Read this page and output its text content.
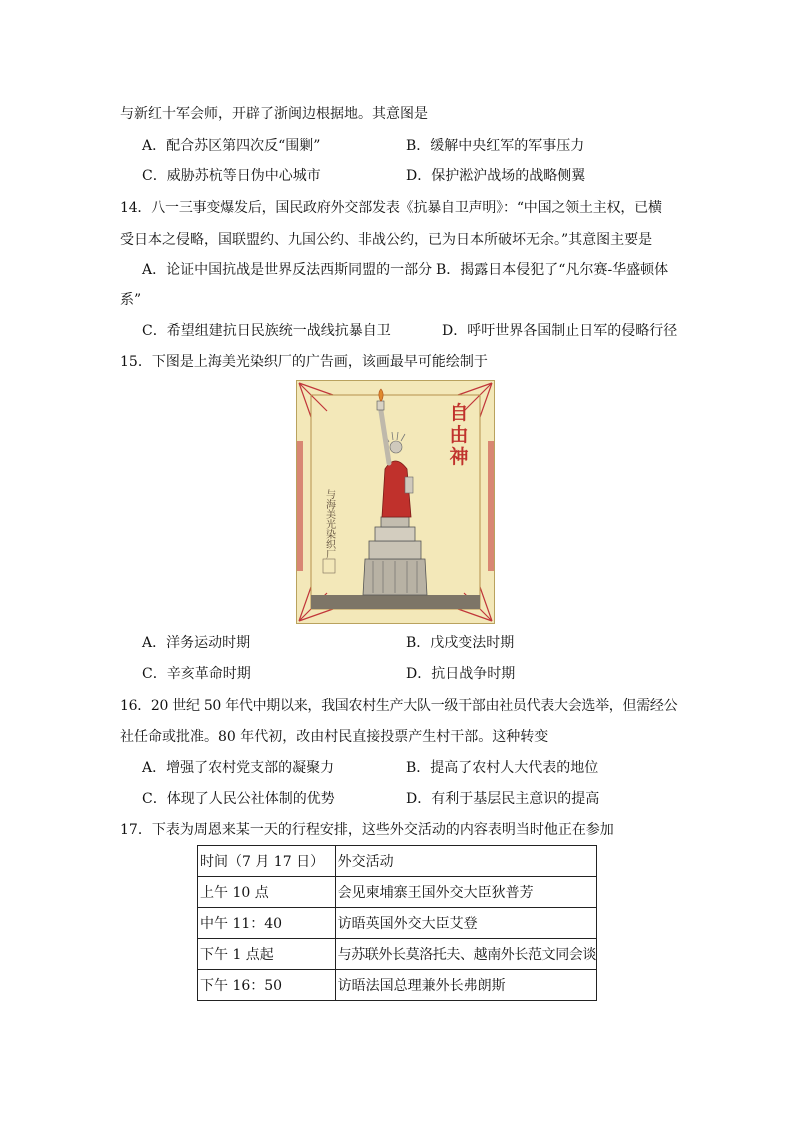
与新红十军会师，开辟了浙闽边根据地。其意图是
A．配合苏区第四次反“围剿”	B．缓解中央红军的军事压力
C．威胁苏杭等日伪中心城市	D．保护淞沪战场的战略侧翼
14．八一三事变爆发后，国民政府外交部发表《抗暴自卫声明》：“中国之领土主权，已横
受日本之侵略，国联盟约、九国公约、非战公约，已为日本所破坏无余。”其意图主要是
A．论证中国抗战是世界反法西斯同盟的一部分 B．揭露日本侵犯了“凡尔赛-华盛顿体
系”
C．希望组建抗日民族统一战线抗暴自卫	D．呼吁世界各国制止日军的侵略行径
15．下图是上海美光染织厂的广告画，该画最早可能绘制于
自
由
神
与海美光染织厂
A．洋务运动时期	B．戊戌变法时期
C．辛亥革命时期	D．抗日战争时期
16．20 世纪 50 年代中期以来，我国农村生产大队一级干部由社员代表大会选举，但需经公
社任命或批准。80 年代初，改由村民直接投票产生村干部。这种转变
A．增强了农村党支部的凝聚力	B．提高了农村人大代表的地位
C．体现了人民公社体制的优势	D．有利于基层民主意识的提高
17．下表为周恩来某一天的行程安排，这些外交活动的内容表明当时他正在参加
时间（7 月 17 日）	外交活动
上午 10 点	会见柬埔寨王国外交大臣狄普芳
中午 11：40	访晤英国外交大臣艾登
下午 1 点起	与苏联外长莫洛托夫、越南外长范文同会谈
下午 16：50	访晤法国总理兼外长弗朗斯
